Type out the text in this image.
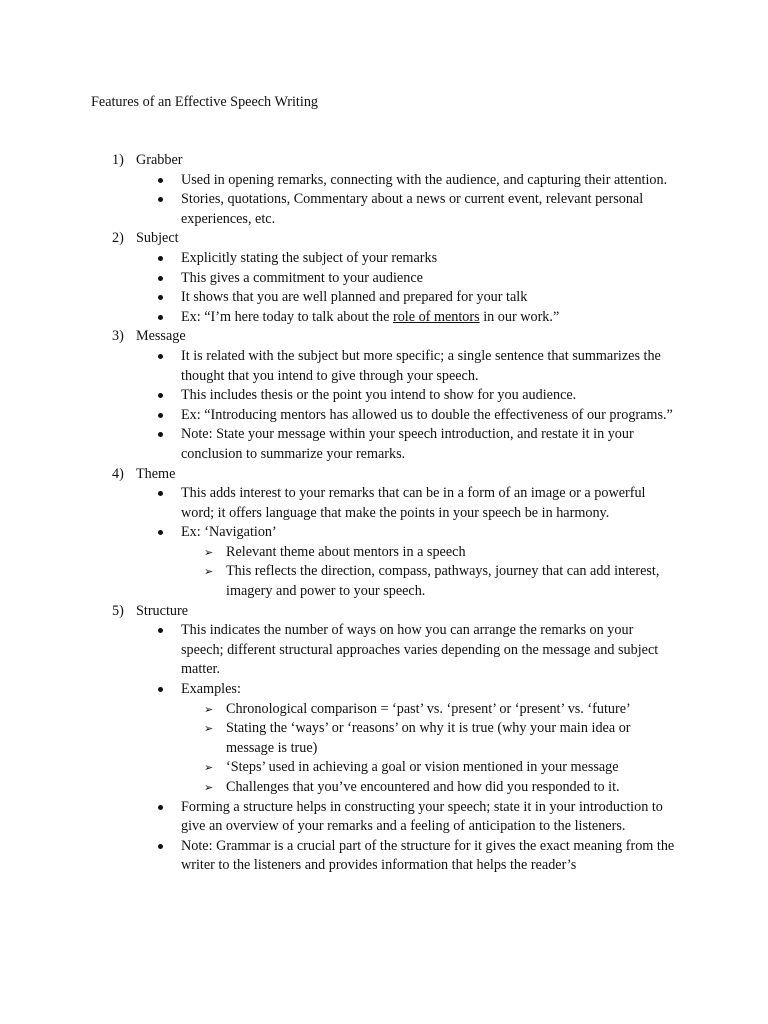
Features of an Effective Speech Writing
1) Grabber
Used in opening remarks, connecting with the audience, and capturing their attention.
Stories, quotations, Commentary about a news or current event, relevant personal experiences, etc.
2) Subject
Explicitly stating the subject of your remarks
This gives a commitment to your audience
It shows that you are well planned and prepared for your talk
Ex: “I’m here today to talk about the role of mentors in our work.”
3) Message
It is related with the subject but more specific; a single sentence that summarizes the thought that you intend to give through your speech.
This includes thesis or the point you intend to show for you audience.
Ex: “Introducing mentors has allowed us to double the effectiveness of our programs.”
Note: State your message within your speech introduction, and restate it in your conclusion to summarize your remarks.
4) Theme
This adds interest to your remarks that can be in a form of an image or a powerful word; it offers language that make the points in your speech be in harmony.
Ex: ‘Navigation’
➢ Relevant theme about mentors in a speech
➢ This reflects the direction, compass, pathways, journey that can add interest, imagery and power to your speech.
5) Structure
This indicates the number of ways on how you can arrange the remarks on your speech; different structural approaches varies depending on the message and subject matter.
Examples:
➢ Chronological comparison = ‘past’ vs. ‘present’ or ‘present’ vs. ‘future’
➢ Stating the ‘ways’ or ‘reasons’ on why it is true (why your main idea or message is true)
➢ ‘Steps’ used in achieving a goal or vision mentioned in your message
➢ Challenges that you’ve encountered and how did you responded to it.
Forming a structure helps in constructing your speech; state it in your introduction to give an overview of your remarks and a feeling of anticipation to the listeners.
Note: Grammar is a crucial part of the structure for it gives the exact meaning from the writer to the listeners and provides information that helps the reader’s
